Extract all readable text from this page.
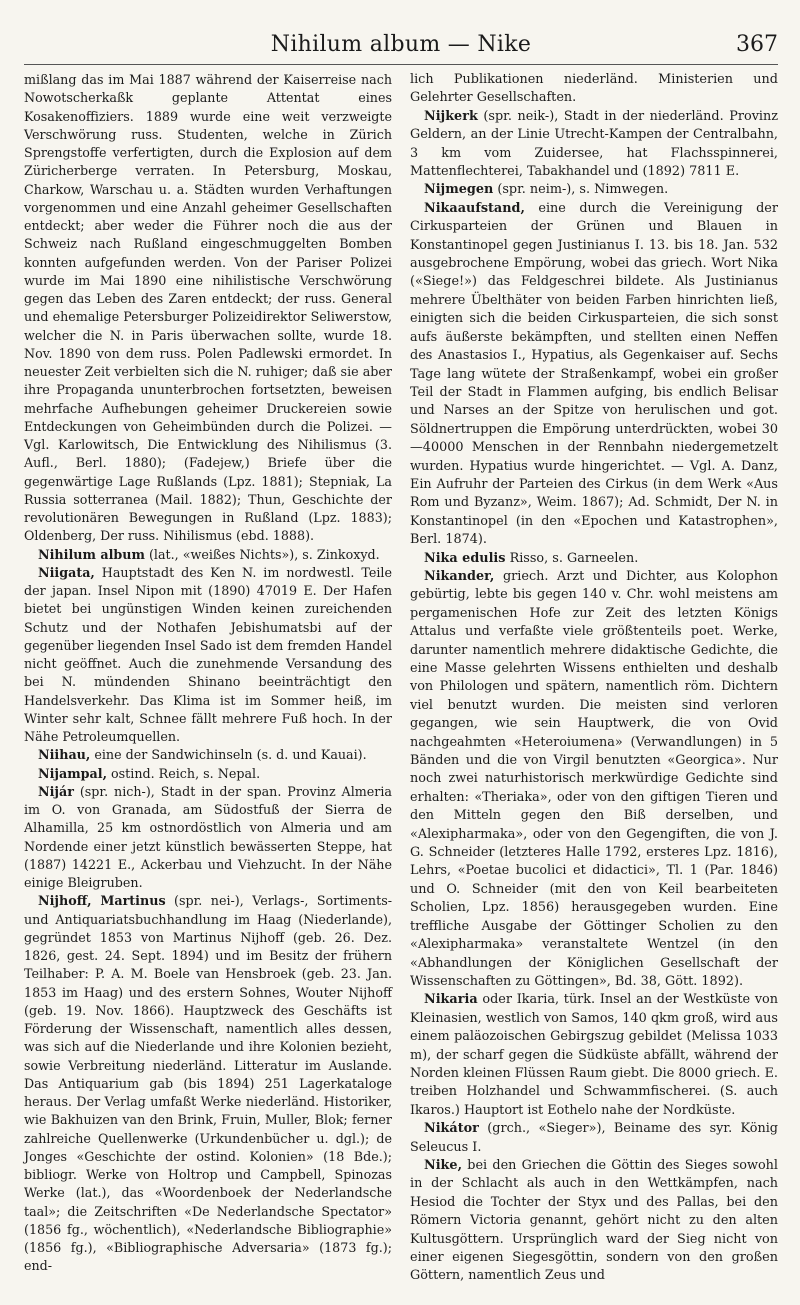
Nihilum album — Nike	367

mißlang das im Mai 1887 während der Kaiserreise nach Nowotscherkaßk geplante Attentat eines Kosakenoffiziers. 1889 wurde eine weit verzweigte Verschwörung russ. Studenten, welche in Zürich Sprengstoffe verfertigten, durch die Explosion auf dem Züricherberge verraten. In Petersburg, Moskau, Charkow, Warschau u. a. Städten wurden Verhaftungen vorgenommen und eine Anzahl geheimer Gesellschaften entdeckt; aber weder die Führer noch die aus der Schweiz nach Rußland eingeschmuggelten Bomben konnten aufgefunden werden. Von der Pariser Polizei wurde im Mai 1890 eine nihilistische Verschwörung gegen das Leben des Zaren entdeckt; der russ. General und ehemalige Petersburger Polizeidirektor Seliwerstow, welcher die N. in Paris überwachen sollte, wurde 18. Nov. 1890 von dem russ. Polen Padlewski ermordet. In neuester Zeit verbielten sich die N. ruhiger; daß sie aber ihre Propaganda ununterbrochen fortsetzten, beweisen mehrfache Aufhebungen geheimer Druckereien sowie Entdeckungen von Geheimbünden durch die Polizei. — Vgl. Karlowitsch, Die Entwicklung des Nihilismus (3. Aufl., Berl. 1880); (Fadejew,) Briefe über die gegenwärtige Lage Rußlands (Lpz. 1881); Stepniak, La Russia sotterranea (Mail. 1882); Thun, Geschichte der revolutionären Bewegungen in Rußland (Lpz. 1883); Oldenberg, Der russ. Nihilismus (ebd. 1888).

Nihilum album (lat., «weißes Nichts»), s. Zinkoxyd.

Niigata, Hauptstadt des Ken N. im nordwestl. Teile der japan. Insel Nipon mit (1890) 47019 E. Der Hafen bietet bei ungünstigen Winden keinen zureichenden Schutz und der Nothafen Jebishumatsbi auf der gegenüber liegenden Insel Sado ist dem fremden Handel nicht geöffnet. Auch die zunehmende Versandung des bei N. mündenden Shinano beeinträchtigt den Handelsverkehr. Das Klima ist im Sommer heiß, im Winter sehr kalt, Schnee fällt mehrere Fuß hoch. In der Nähe Petroleumquellen.

Niihau, eine der Sandwichinseln (s. d. und Kauai).

Nijampal, ostind. Reich, s. Nepal.

Nijár (spr. nich-), Stadt in der span. Provinz Almeria im O. von Granada, am Südostfuß der Sierra de Alhamilla, 25 km ostnordöstlich von Almeria und am Nordende einer jetzt künstlich bewässerten Steppe, hat (1887) 14221 E., Ackerbau und Viehzucht. In der Nähe einige Bleigruben.

Nijhoff, Martinus (spr. nei-), Verlags-, Sortiments- und Antiquariatsbuchhandlung im Haag (Niederlande), gegründet 1853 von Martinus Nijhoff (geb. 26. Dez. 1826, gest. 24. Sept. 1894) und im Besitz der frühern Teilhaber: P. A. M. Boele van Hensbroek (geb. 23. Jan. 1853 im Haag) und des erstern Sohnes, Wouter Nijhoff (geb. 19. Nov. 1866). Hauptzweck des Geschäfts ist Förderung der Wissenschaft, namentlich alles dessen, was sich auf die Niederlande und ihre Kolonien bezieht, sowie Verbreitung niederländ. Litteratur im Auslande. Das Antiquarium gab (bis 1894) 251 Lagerkataloge heraus. Der Verlag umfaßt Werke niederländ. Historiker, wie Bakhuizen van den Brink, Fruin, Muller, Blok; ferner zahlreiche Quellenwerke (Urkundenbücher u. dgl.); de Jonges «Geschichte der ostind. Kolonien» (18 Bde.); bibliogr. Werke von Holtrop und Campbell, Spinozas Werke (lat.), das «Woordenboek der Nederlandsche taal»; die Zeitschriften «De Nederlandsche Spectator» (1856 fg., wöchentlich), «Nederlandsche Bibliographie» (1856 fg.), «Bibliographische Adversaria» (1873 fg.); end-

lich Publikationen niederländ. Ministerien und Gelehrter Gesellschaften.

Nijkerk (spr. neik-), Stadt in der niederländ. Provinz Geldern, an der Linie Utrecht-Kampen der Centralbahn, 3 km vom Zuidersee, hat Flachsspinnerei, Mattenflechterei, Tabakhandel und (1892) 7811 E.

Nijmegen (spr. neim-), s. Nimwegen.

Nikaaufstand, eine durch die Vereinigung der Cirkusparteien der Grünen und Blauen in Konstantinopel gegen Justinianus I. 13. bis 18. Jan. 532 ausgebrochene Empörung, wobei das griech. Wort Nika («Siege!») das Feldgeschrei bildete. Als Justinianus mehrere Übelthäter von beiden Farben hinrichten ließ, einigten sich die beiden Cirkusparteien, die sich sonst aufs äußerste bekämpften, und stellten einen Neffen des Anastasios I., Hypatius, als Gegenkaiser auf. Sechs Tage lang wütete der Straßenkampf, wobei ein großer Teil der Stadt in Flammen aufging, bis endlich Belisar und Narses an der Spitze von herulischen und got. Söldnertruppen die Empörung unterdrückten, wobei 30—40000 Menschen in der Rennbahn niedergemetzelt wurden. Hypatius wurde hingerichtet. — Vgl. A. Danz, Ein Aufruhr der Parteien des Cirkus (in dem Werk «Aus Rom und Byzanz», Weim. 1867); Ad. Schmidt, Der N. in Konstantinopel (in den «Epochen und Katastrophen», Berl. 1874).

Nika edulis Risso, s. Garneelen.

Nikander, griech. Arzt und Dichter, aus Kolophon gebürtig, lebte bis gegen 140 v. Chr. wohl meistens am pergamenischen Hofe zur Zeit des letzten Königs Attalus und verfaßte viele größtenteils poet. Werke, darunter namentlich mehrere didaktische Gedichte, die eine Masse gelehrten Wissens enthielten und deshalb von Philologen und spätern, namentlich röm. Dichtern viel benutzt wurden. Die meisten sind verloren gegangen, wie sein Hauptwerk, die von Ovid nachgeahmten «Heteroiumena» (Verwandlungen) in 5 Bänden und die von Virgil benutzten «Georgica». Nur noch zwei naturhistorisch merkwürdige Gedichte sind erhalten: «Theriaka», oder von den giftigen Tieren und den Mitteln gegen den Biß derselben, und «Alexipharmaka», oder von den Gegengiften, die von J. G. Schneider (letzteres Halle 1792, ersteres Lpz. 1816), Lehrs, «Poetae bucolici et didactici», Tl. 1 (Par. 1846) und O. Schneider (mit den von Keil bearbeiteten Scholien, Lpz. 1856) herausgegeben wurden. Eine treffliche Ausgabe der Göttinger Scholien zu den «Alexipharmaka» veranstaltete Wentzel (in den «Abhandlungen der Königlichen Gesellschaft der Wissenschaften zu Göttingen», Bd. 38, Gött. 1892).

Nikaria oder Ikaria, türk. Insel an der Westküste von Kleinasien, westlich von Samos, 140 qkm groß, wird aus einem paläozoischen Gebirgszug gebildet (Melissa 1033 m), der scharf gegen die Südküste abfällt, während der Norden kleinen Flüssen Raum giebt. Die 8000 griech. E. treiben Holzhandel und Schwammfischerei. (S. auch Ikaros.) Hauptort ist Eothelo nahe der Nordküste.

Nikátor (grch., «Sieger»), Beiname des syr. König Seleucus I.

Nike, bei den Griechen die Göttin des Sieges sowohl in der Schlacht als auch in den Wettkämpfen, nach Hesiod die Tochter der Styx und des Pallas, bei den Römern Victoria genannt, gehört nicht zu den alten Kultusgöttern. Ursprünglich ward der Sieg nicht von einer eigenen Siegesgöttin, sondern von den großen Göttern, namentlich Zeus und
